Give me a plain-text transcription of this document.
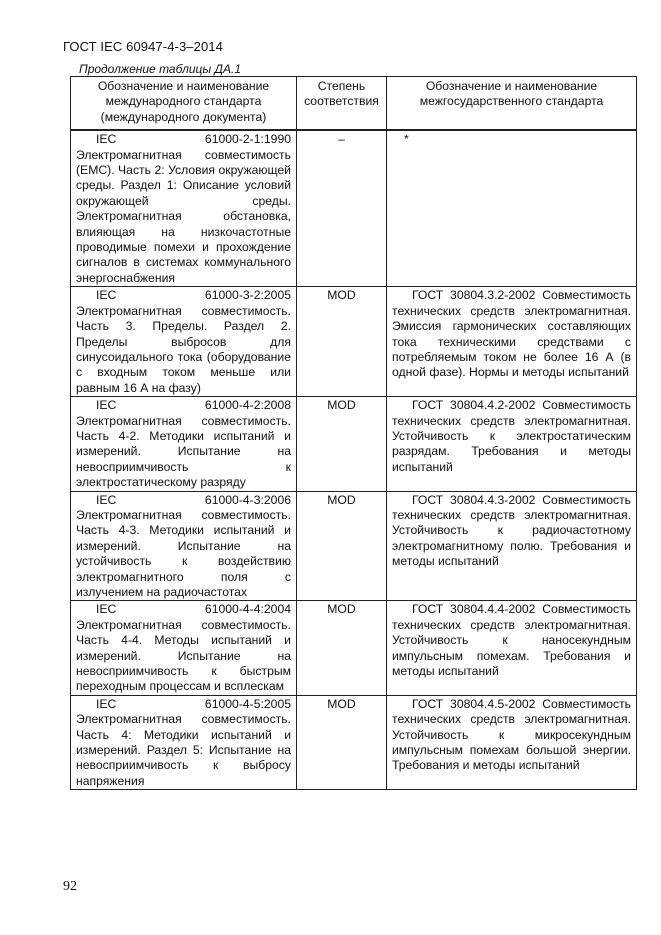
ГОСТ IEC 60947-4-3–2014
Продолжение таблицы ДА.1
Обозначение и наименование международного стандарта (международного документа)	Степень соответствия	Обозначение и наименование межгосударственного стандарта
IEC 61000-2-1:1990 Электромагнитная совместимость (EMC). Часть 2: Условия окружающей среды. Раздел 1: Описание условий окружающей среды. Электромагнитная обстановка, влияющая на низкочастотные проводимые помехи и прохождение сигналов в системах коммунального энергоснабжения	–	*
IEC 61000-3-2:2005 Электромагнитная совместимость. Часть 3. Пределы. Раздел 2. Пределы выбросов для синусоидального тока (оборудование с входным током меньше или равным 16 А на фазу)	MOD	ГОСТ 30804.3.2-2002 Совместимость технических средств электромагнитная. Эмиссия гармонических составляющих тока техническими средствами с потребляемым током не более 16 А (в одной фазе). Нормы и методы испытаний
IEC 61000-4-2:2008 Электромагнитная совместимость. Часть 4-2. Методики испытаний и измерений. Испытание на невосприимчивость к электростатическому разряду	MOD	ГОСТ 30804.4.2-2002 Совместимость технических средств электромагнитная. Устойчивость к электростатическим разрядам. Требования и методы испытаний
IEC 61000-4-3:2006 Электромагнитная совместимость. Часть 4-3. Методики испытаний и измерений. Испытание на устойчивость к воздействию электромагнитного поля с излучением на радиочастотах	MOD	ГОСТ 30804.4.3-2002 Совместимость технических средств электромагнитная. Устойчивость к радиочастотному электромагнитному полю. Требования и методы испытаний
IEC 61000-4-4:2004 Электромагнитная совместимость. Часть 4-4. Методы испытаний и измерений. Испытание на невосприимчивость к быстрым переходным процессам и всплескам	MOD	ГОСТ 30804.4.4-2002 Совместимость технических средств электромагнитная. Устойчивость к наносекундным импульсным помехам. Требования и методы испытаний
IEC 61000-4-5:2005 Электромагнитная совместимость. Часть 4: Методики испытаний и измерений. Раздел 5: Испытание на невосприимчивость к выбросу напряжения	MOD	ГОСТ 30804.4.5-2002 Совместимость технических средств электромагнитная. Устойчивость к микросекундным импульсным помехам большой энергии. Требования и методы испытаний
92
